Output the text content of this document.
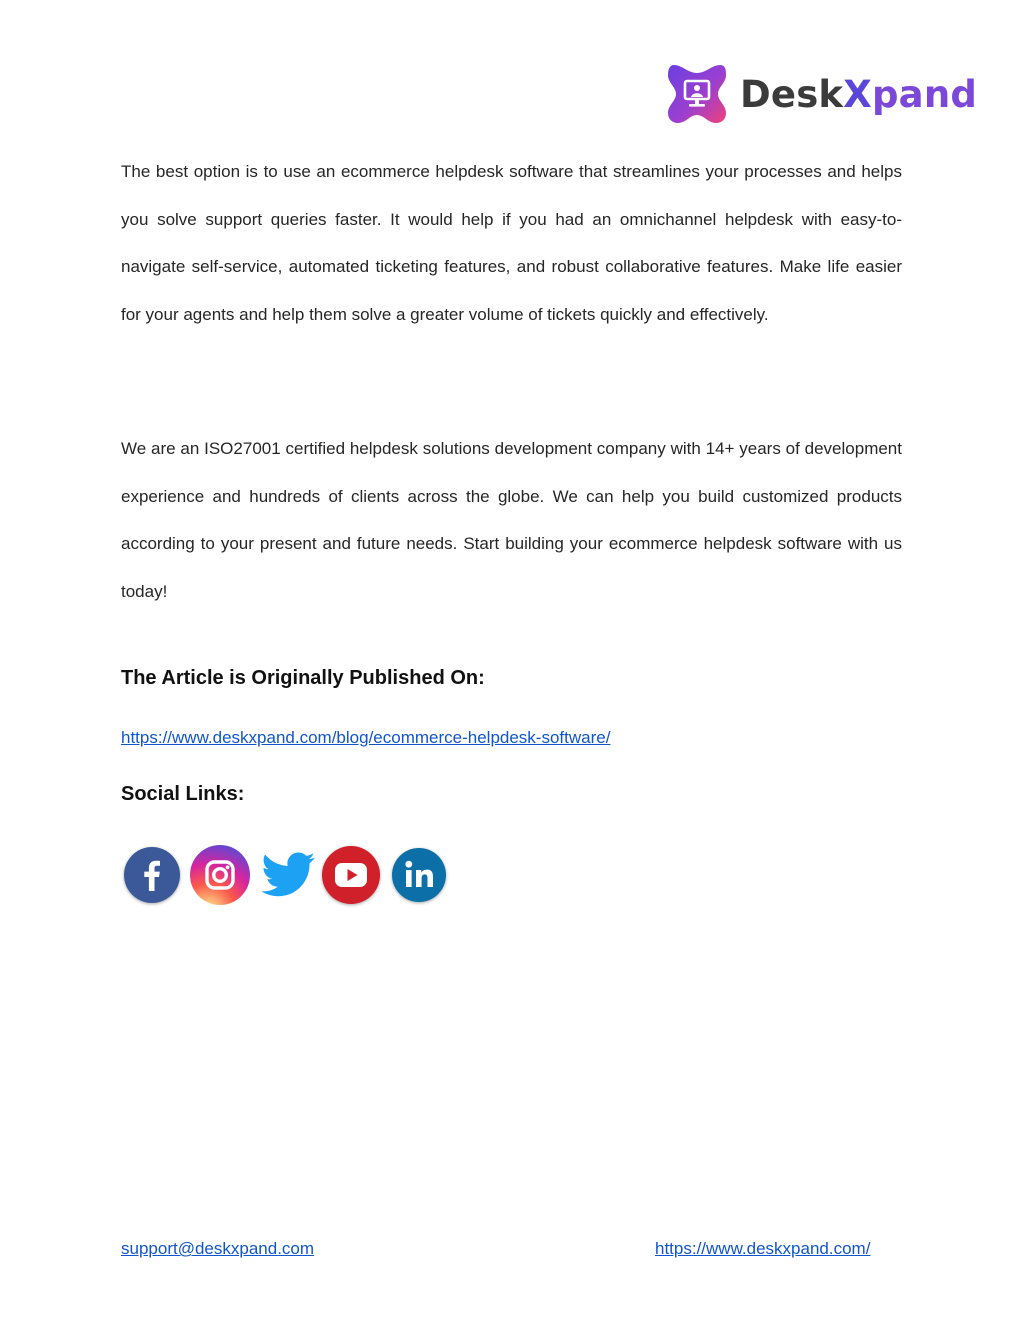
DeskXpand

The best option is to use an ecommerce helpdesk software that streamlines your processes and helps you solve support queries faster. It would help if you had an omnichannel helpdesk with easy-to-navigate self-service, automated ticketing features, and robust collaborative features. Make life easier for your agents and help them solve a greater volume of tickets quickly and effectively.

We are an ISO27001 certified helpdesk solutions development company with 14+ years of development experience and hundreds of clients across the globe. We can help you build customized products according to your present and future needs. Start building your ecommerce helpdesk software with us today!

The Article is Originally Published On:
https://www.deskxpand.com/blog/ecommerce-helpdesk-software/
Social Links:
support@deskxpand.com	https://www.deskxpand.com/
